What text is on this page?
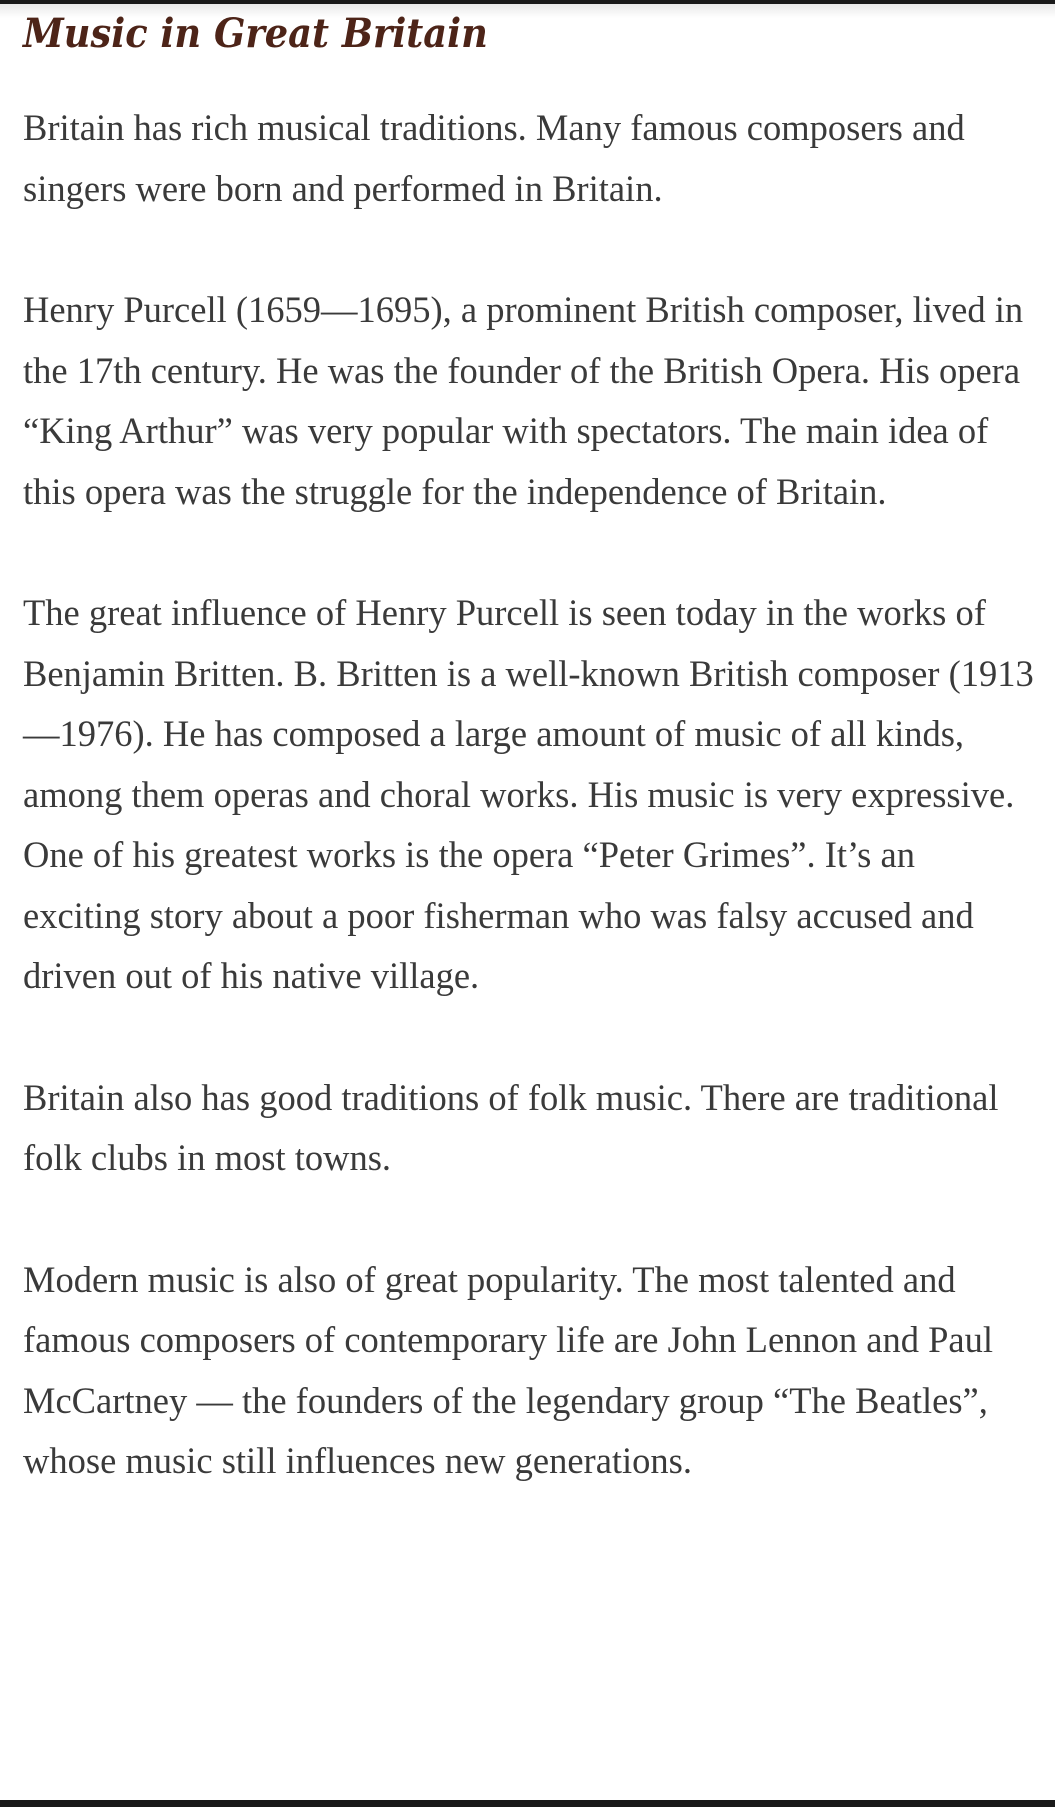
Music in Great Britain

Britain has rich musical traditions. Many famous composers and singers were born and performed in Britain.

Henry Purcell (1659—1695), a prominent British composer, lived in the 17th century. He was the founder of the British Opera. His opera “King Arthur” was very popular with spectators. The main idea of this opera was the struggle for the independence of Britain.

The great influence of Henry Purcell is seen today in the works of Benjamin Britten. B. Britten is a well-known British composer (1913—1976). He has composed a large amount of music of all kinds, among them operas and choral works. His music is very expressive. One of his greatest works is the opera “Peter Grimes”. It’s an exciting story about a poor fisherman who was falsy accused and driven out of his native village.

Britain also has good traditions of folk music. There are traditional folk clubs in most towns.

Modern music is also of great popularity. The most talented and famous composers of contemporary life are John Lennon and Paul McCartney — the founders of the legendary group “The Beatles”, whose music still influences new generations.
